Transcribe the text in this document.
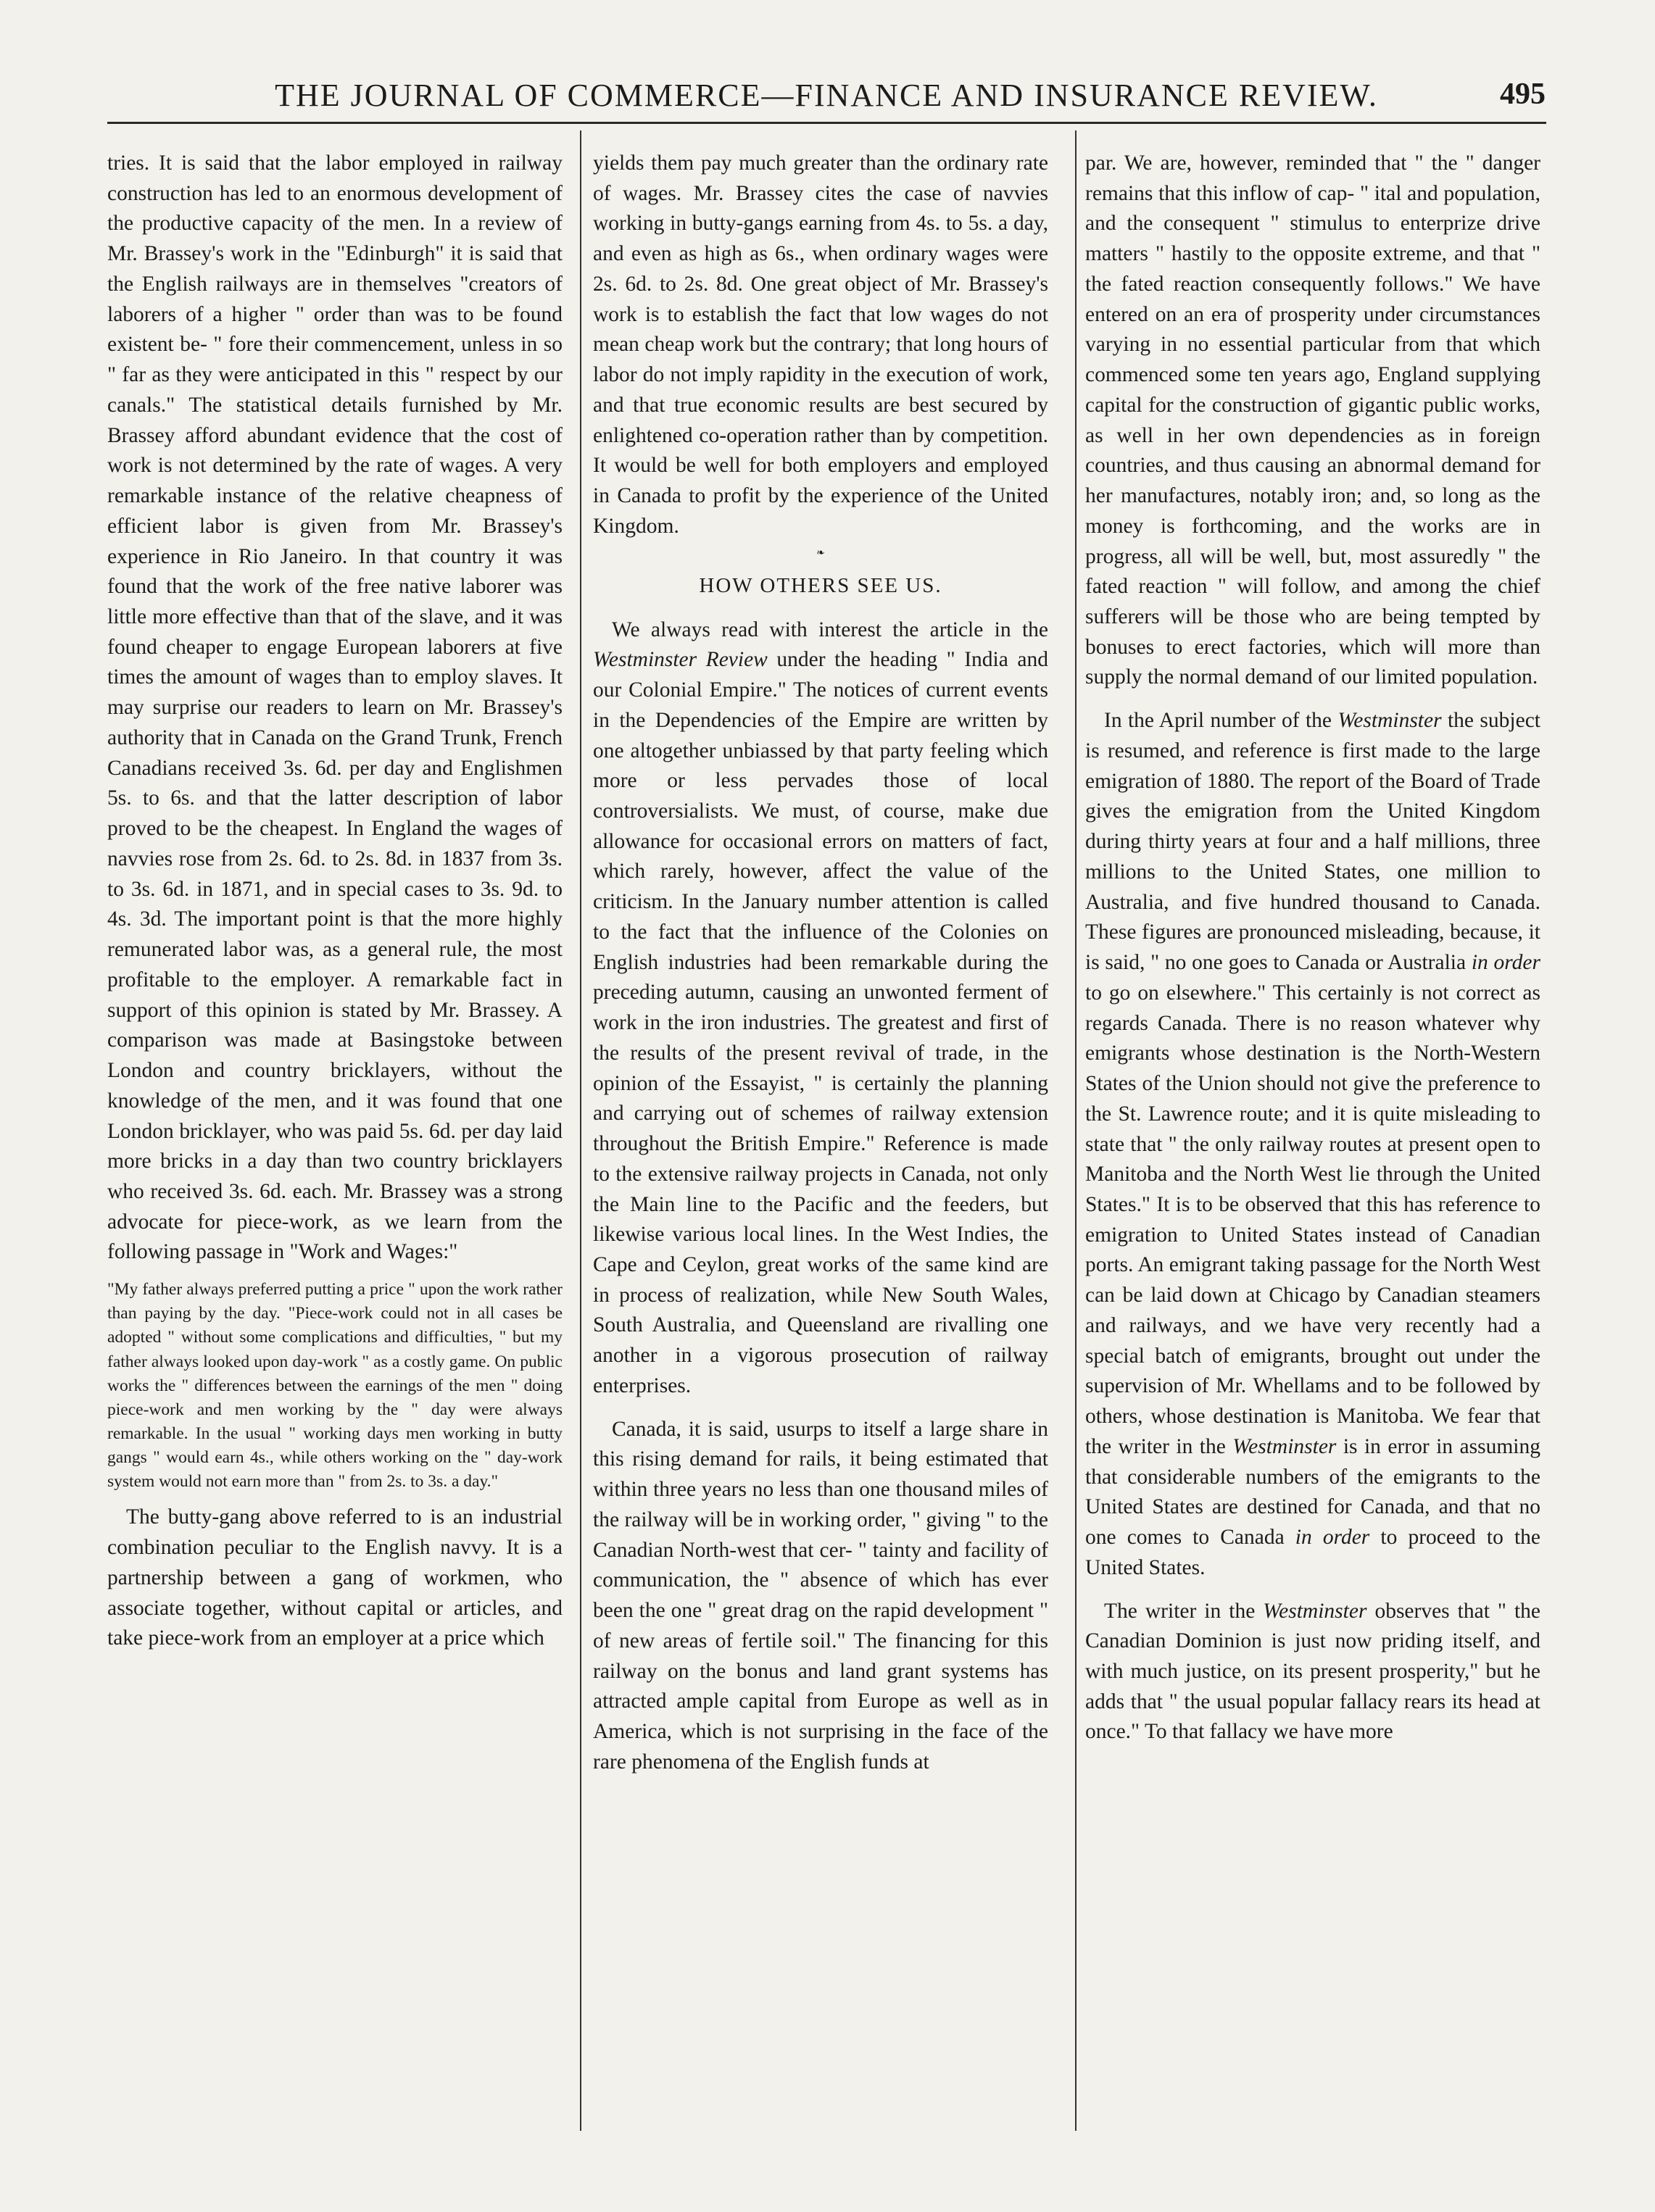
THE JOURNAL OF COMMERCE—FINANCE AND INSURANCE REVIEW.	495

tries. It is said that the labor employed in railway construction has led to an enormous development of the productive capacity of the men. In a review of Mr. Brassey's work in the "Edinburgh" it is said that the English railways are in themselves "creators of laborers of a higher " order than was to be found existent be- " fore their commencement, unless in so " far as they were anticipated in this " respect by our canals." The statistical details furnished by Mr. Brassey afford abundant evidence that the cost of work is not determined by the rate of wages. A very remarkable instance of the relative cheapness of efficient labor is given from Mr. Brassey's experience in Rio Janeiro. In that country it was found that the work of the free native laborer was little more effective than that of the slave, and it was found cheaper to engage European laborers at five times the amount of wages than to employ slaves. It may surprise our readers to learn on Mr. Brassey's authority that in Canada on the Grand Trunk, French Canadians received 3s. 6d. per day and Englishmen 5s. to 6s. and that the latter description of labor proved to be the cheapest. In England the wages of navvies rose from 2s. 6d. to 2s. 8d. in 1837 from 3s. to 3s. 6d. in 1871, and in special cases to 3s. 9d. to 4s. 3d. The important point is that the more highly remunerated labor was, as a general rule, the most profitable to the employer. A remarkable fact in support of this opinion is stated by Mr. Brassey. A comparison was made at Basingstoke between London and country bricklayers, without the knowledge of the men, and it was found that one London bricklayer, who was paid 5s. 6d. per day laid more bricks in a day than two country bricklayers who received 3s. 6d. each. Mr. Brassey was a strong advocate for piece-work, as we learn from the following passage in "Work and Wages:"

"My father always preferred putting a price " upon the work rather than paying by the day. "Piece-work could not in all cases be adopted " without some complications and difficulties, " but my father always looked upon day-work " as a costly game. On public works the " differences between the earnings of the men " doing piece-work and men working by the " day were always remarkable. In the usual " working days men working in butty gangs " would earn 4s., while others working on the " day-work system would not earn more than " from 2s. to 3s. a day."

The butty-gang above referred to is an industrial combination peculiar to the English navvy. It is a partnership between a gang of workmen, who associate together, without capital or articles, and take piece-work from an employer at a price which

yields them pay much greater than the ordinary rate of wages. Mr. Brassey cites the case of navvies working in butty-gangs earning from 4s. to 5s. a day, and even as high as 6s., when ordinary wages were 2s. 6d. to 2s. 8d. One great object of Mr. Brassey's work is to establish the fact that low wages do not mean cheap work but the contrary; that long hours of labor do not imply rapidity in the execution of work, and that true economic results are best secured by enlightened co-operation rather than by competition. It would be well for both employers and employed in Canada to profit by the experience of the United Kingdom.

❧
HOW OTHERS SEE US.

We always read with interest the article in the Westminster Review under the heading " India and our Colonial Empire." The notices of current events in the Dependencies of the Empire are written by one altogether unbiassed by that party feeling which more or less pervades those of local controversialists. We must, of course, make due allowance for occasional errors on matters of fact, which rarely, however, affect the value of the criticism. In the January number attention is called to the fact that the influence of the Colonies on English industries had been remarkable during the preceding autumn, causing an unwonted ferment of work in the iron industries. The greatest and first of the results of the present revival of trade, in the opinion of the Essayist, " is certainly the planning and carrying out of schemes of railway extension throughout the British Empire." Reference is made to the extensive railway projects in Canada, not only the Main line to the Pacific and the feeders, but likewise various local lines. In the West Indies, the Cape and Ceylon, great works of the same kind are in process of realization, while New South Wales, South Australia, and Queensland are rivalling one another in a vigorous prosecution of railway enterprises.

Canada, it is said, usurps to itself a large share in this rising demand for rails, it being estimated that within three years no less than one thousand miles of the railway will be in working order, " giving " to the Canadian North-west that cer- " tainty and facility of communication, the " absence of which has ever been the one " great drag on the rapid development " of new areas of fertile soil." The financing for this railway on the bonus and land grant systems has attracted ample capital from Europe as well as in America, which is not surprising in the face of the rare phenomena of the English funds at

par. We are, however, reminded that " the " danger remains that this inflow of cap- " ital and population, and the consequent " stimulus to enterprize drive matters " hastily to the opposite extreme, and that " the fated reaction consequently follows." We have entered on an era of prosperity under circumstances varying in no essential particular from that which commenced some ten years ago, England supplying capital for the construction of gigantic public works, as well in her own dependencies as in foreign countries, and thus causing an abnormal demand for her manufactures, notably iron; and, so long as the money is forthcoming, and the works are in progress, all will be well, but, most assuredly " the fated reaction " will follow, and among the chief sufferers will be those who are being tempted by bonuses to erect factories, which will more than supply the normal demand of our limited population.

In the April number of the Westminster the subject is resumed, and reference is first made to the large emigration of 1880. The report of the Board of Trade gives the emigration from the United Kingdom during thirty years at four and a half millions, three millions to the United States, one million to Australia, and five hundred thousand to Canada. These figures are pronounced misleading, because, it is said, " no one goes to Canada or Australia in order to go on elsewhere." This certainly is not correct as regards Canada. There is no reason whatever why emigrants whose destination is the North-Western States of the Union should not give the preference to the St. Lawrence route; and it is quite misleading to state that " the only railway routes at present open to Manitoba and the North West lie through the United States." It is to be observed that this has reference to emigration to United States instead of Canadian ports. An emigrant taking passage for the North West can be laid down at Chicago by Canadian steamers and railways, and we have very recently had a special batch of emigrants, brought out under the supervision of Mr. Whellams and to be followed by others, whose destination is Manitoba. We fear that the writer in the Westminster is in error in assuming that considerable numbers of the emigrants to the United States are destined for Canada, and that no one comes to Canada in order to proceed to the United States.

The writer in the Westminster observes that " the Canadian Dominion is just now priding itself, and with much justice, on its present prosperity," but he adds that " the usual popular fallacy rears its head at once." To that fallacy we have more
